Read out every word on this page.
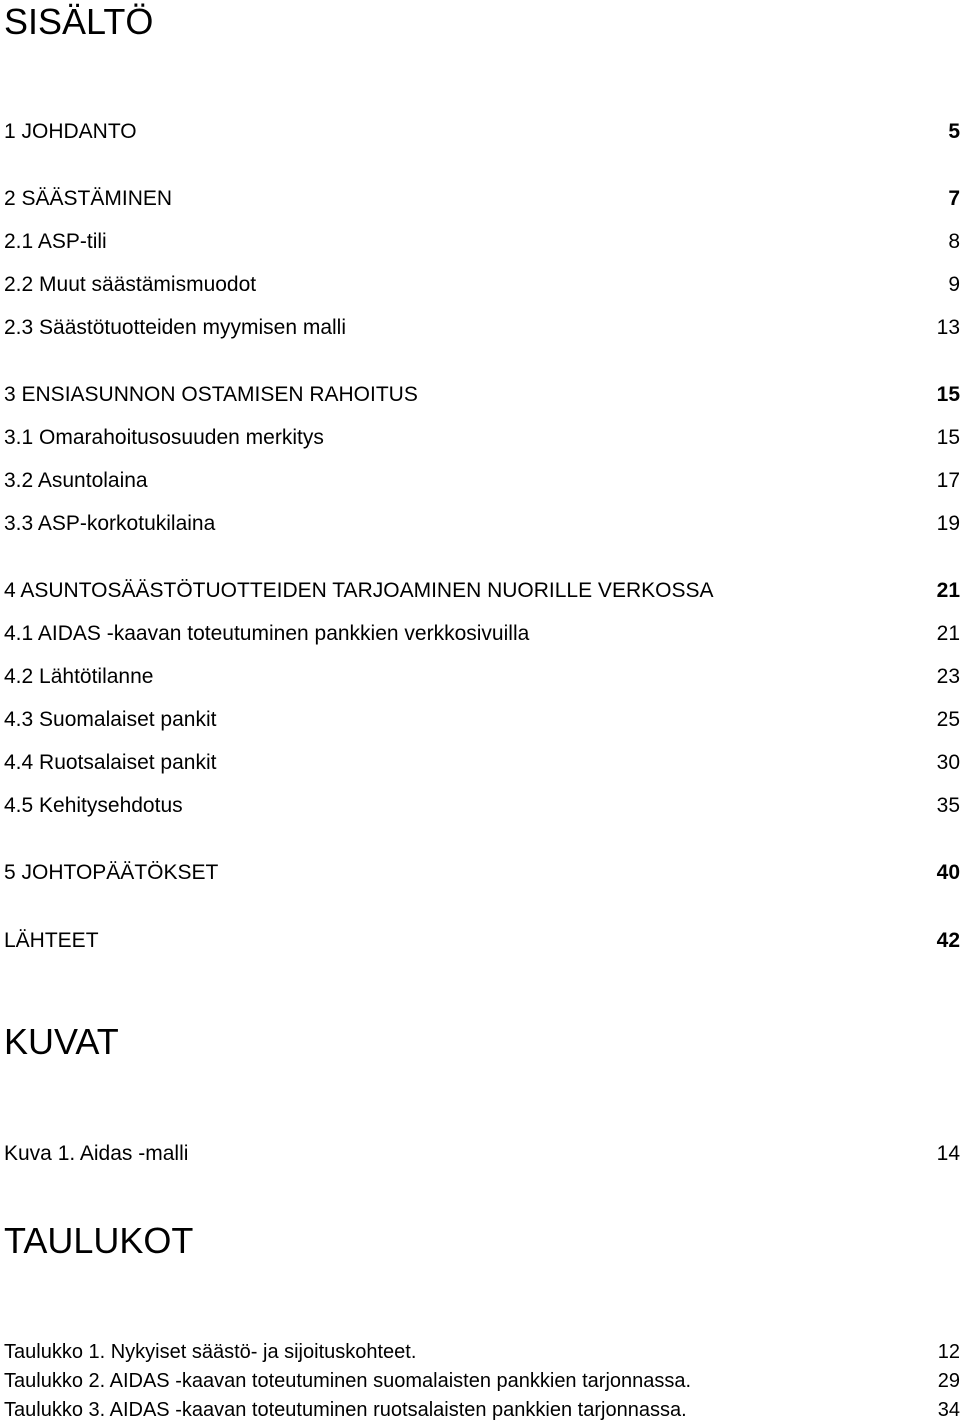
SISÄLTÖ
1 JOHDANTO	5
2 SÄÄSTÄMINEN	7
2.1 ASP-tili	8
2.2 Muut säästämismuodot	9
2.3 Säästötuotteiden myymisen malli	13
3 ENSIASUNNON OSTAMISEN RAHOITUS	15
3.1 Omarahoitusosuuden merkitys	15
3.2 Asuntolaina	17
3.3 ASP-korkotukilaina	19
4 ASUNTOSÄÄSTÖTUOTTEIDEN TARJOAMINEN NUORILLE VERKOSSA	21
4.1 AIDAS -kaavan toteutuminen pankkien verkkosivuilla	21
4.2 Lähtötilanne	23
4.3 Suomalaiset pankit	25
4.4 Ruotsalaiset pankit	30
4.5 Kehitysehdotus	35
5 JOHTOPÄÄTÖKSET	40
LÄHTEET	42
KUVAT
Kuva 1. Aidas -malli	14
TAULUKOT
Taulukko 1. Nykyiset säästö- ja sijoituskohteet.	12
Taulukko 2. AIDAS -kaavan toteutuminen suomalaisten pankkien tarjonnassa.	29
Taulukko 3. AIDAS -kaavan toteutuminen ruotsalaisten pankkien tarjonnassa.	34
